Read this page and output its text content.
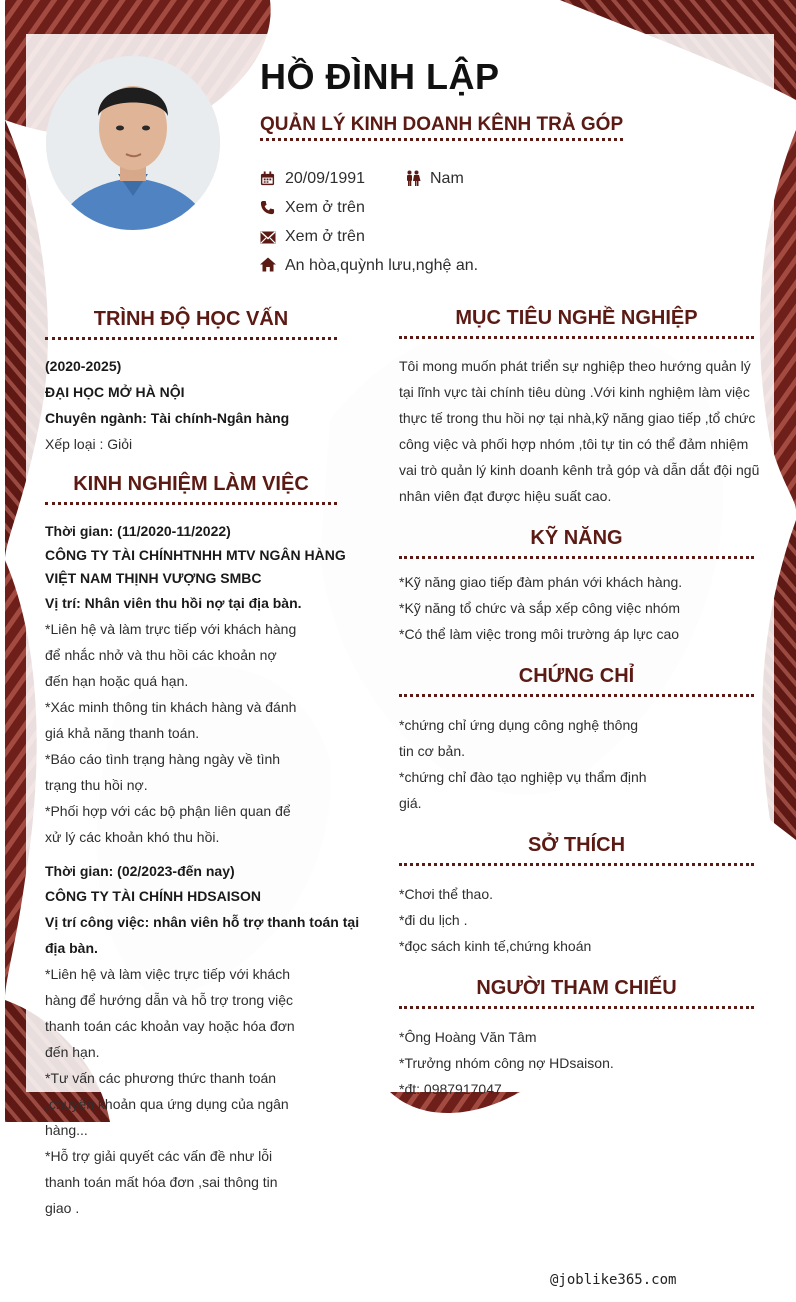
HỒ ĐÌNH LẬP
QUẢN LÝ KINH DOANH KÊNH TRẢ GÓP
20/09/1991	Nam
Xem ở trên
Xem ở trên
An hòa,quỳnh lưu,nghệ an.
TRÌNH ĐỘ HỌC VẤN
(2020-2025)
ĐẠI HỌC MỞ HÀ NỘI
Chuyên ngành: Tài chính-Ngân hàng
Xếp loại : Giỏi
KINH NGHIỆM LÀM VIỆC
Thời gian: (11/2020-11/2022)
CÔNG TY TÀI CHÍNHTNHH MTV NGÂN HÀNG
VIỆT NAM THỊNH VƯỢNG SMBC
Vị trí: Nhân viên thu hồi nợ tại địa bàn.
*Liên hệ và làm trực tiếp với khách hàng
để nhắc nhở và thu hồi các khoản nợ
đến hạn hoặc quá hạn.
*Xác minh thông tin khách hàng và đánh
giá khả năng thanh toán.
*Báo cáo tình trạng hàng ngày về tình
trạng thu hồi nợ.
*Phối hợp với các bộ phận liên quan để
xử lý các khoản khó thu hồi.
Thời gian: (02/2023-đến nay)
CÔNG TY TÀI CHÍNH HDSAISON
Vị trí công việc: nhân viên hỗ trợ thanh toán tại
địa bàn.
*Liên hệ và làm việc trực tiếp với khách
hàng để hướng dẫn và hỗ trợ trong việc
thanh toán các khoản vay hoặc hóa đơn
đến hạn.
*Tư vấn các phương thức thanh toán
,chuyển khoản qua ứng dụng của ngân
hàng...
*Hỗ trợ giải quyết các vấn đề như lỗi
thanh toán mất hóa đơn ,sai thông tin
giao .
MỤC TIÊU NGHỀ NGHIỆP
Tôi mong muốn phát triển sự nghiệp theo hướng quản lý
tại lĩnh vực tài chính tiêu dùng .Với kinh nghiệm làm việc
thực tế trong thu hồi nợ tại nhà,kỹ năng giao tiếp ,tổ chức
công việc và phối hợp nhóm ,tôi tự tin có thể đảm nhiệm
vai trò quản lý kinh doanh kênh trả góp và dẫn dắt đội ngũ
nhân viên đạt được hiệu suất cao.
KỸ NĂNG
*Kỹ năng giao tiếp đàm phán với khách hàng.
*Kỹ năng tổ chức và sắp xếp công việc nhóm
*Có thể làm việc trong môi trường áp lực cao
CHỨNG CHỈ
*chứng chỉ ứng dụng công nghệ thông
tin cơ bản.
*chứng chỉ đào tạo nghiệp vụ thẩm định
giá.
SỞ THÍCH
*Chơi thể thao.
*đi du lịch .
*đọc sách kinh tế,chứng khoán
NGƯỜI THAM CHIẾU
*Ông Hoàng Văn Tâm
*Trưởng nhóm công nợ HDsaison.
*đt: 0987917047
@joblike365.com
